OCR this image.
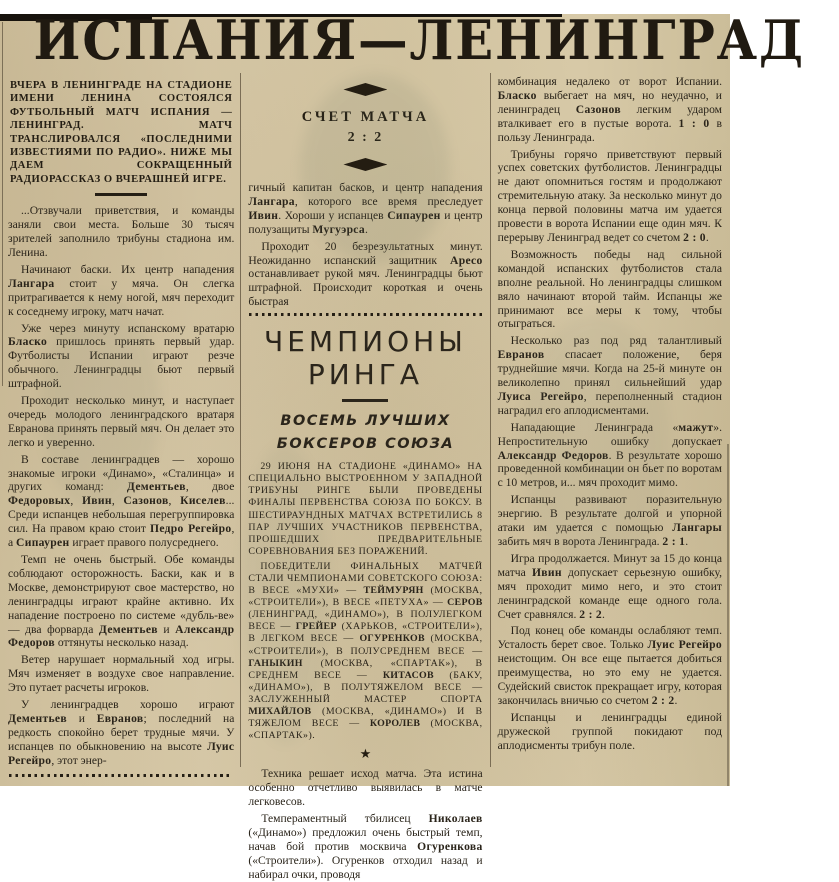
ИСПАНИЯ—ЛЕНИНГРАД
ВЧЕРА В ЛЕНИНГРАДЕ НА СТАДИОНЕ ИМЕНИ ЛЕНИНА СОСТОЯЛСЯ ФУТБОЛЬНЫЙ МАТЧ ИСПАНИЯ — ЛЕНИНГРАД. МАТЧ ТРАНСЛИРОВАЛСЯ «ПОСЛЕДНИМИ ИЗВЕСТИЯМИ ПО РАДИО». НИЖЕ МЫ ДАЕМ СОКРАЩЕННЫЙ РАДИОРАССКАЗ О ВЧЕРАШНЕЙ ИГРЕ.

...Отзвучали приветствия, и команды заняли свои места. Больше 30 тысяч зрителей заполнило трибуны стадиона им. Ленина.

Начинают баски. Их центр нападения Лангара стоит у мяча. Он слегка притрагивается к нему ногой, мяч переходит к соседнему игроку, матч начат.

Уже через минуту испанскому вратарю Бласко пришлось принять первый удар. Футболисты Испании играют резче обычного. Ленинградцы бьют первый штрафной.

Проходит несколько минут, и наступает очередь молодого ленинградского вратаря Евранова принять первый мяч. Он делает это легко и уверенно.

В составе ленинградцев — хорошо знакомые игроки «Динамо», «Сталинца» и других команд: Дементьев, двое Федоровых, Ивин, Сазонов, Киселев... Среди испанцев небольшая перегруппировка сил. На правом краю стоит Педро Регейро, а Сипаурен играет правого полусреднего.

Темп не очень быстрый. Обе команды соблюдают осторожность. Баски, как и в Москве, демонстрируют свое мастерство, но ленинградцы играют крайне активно. Их нападение построено по системе «дубль-ве» — два форварда Дементьев и Александр Федоров оттянуты несколько назад.

Ветер нарушает нормальный ход игры. Мяч изменяет в воздухе свое направление. Это путает расчеты игроков.

У ленинградцев хорошо играют Дементьев и Евранов; последний на редкость спокойно берет трудные мячи. У испанцев по обыкновению на высоте Луис Регейро, этот энер-

СЧЕТ МАТЧА
2 : 2

гичный капитан басков, и центр нападения Лангара, которого все время преследует Ивин. Хороши у испанцев Сипаурен и центр полузащиты Мугуэрса.

Проходит 20 безрезультатных минут. Неожиданно испанский защитник Аресо останавливает рукой мяч. Ленинградцы бьют штрафной. Происходит короткая и очень быстрая

ЧЕМПИОНЫ
РИНГА
ВОСЕМЬ ЛУЧШИХ
БОКСЕРОВ СОЮЗА

29 ИЮНЯ НА СТАДИОНЕ «ДИНАМО» НА СПЕЦИАЛЬНО ВЫСТРОЕННОМ У ЗАПАДНОЙ ТРИБУНЫ РИНГЕ БЫЛИ ПРОВЕДЕНЫ ФИНАЛЫ ПЕРВЕНСТВА СОЮЗА ПО БОКСУ. В ШЕСТИРАУНДНЫХ МАТЧАХ ВСТРЕТИЛИСЬ 8 ПАР ЛУЧШИХ УЧАСТНИКОВ ПЕРВЕНСТВА, ПРОШЕДШИХ ПРЕДВАРИТЕЛЬНЫЕ СОРЕВНОВАНИЯ БЕЗ ПОРАЖЕНИЙ.

ПОБЕДИТЕЛИ ФИНАЛЬНЫХ МАТЧЕЙ СТАЛИ ЧЕМПИОНАМИ СОВЕТСКОГО СОЮЗА: В ВЕСЕ «МУХИ» — ТЕЙМУРЯН (МОСКВА, «СТРОИТЕЛИ»), В ВЕСЕ «ПЕТУХА» — СЕРОВ (ЛЕНИНГРАД, «ДИНАМО»), В ПОЛУЛЕГКОМ ВЕСЕ — ГРЕЙЕР (ХАРЬКОВ, «СТРОИТЕЛИ»), В ЛЕГКОМ ВЕСЕ — ОГУРЕНКОВ (МОСКВА, «СТРОИТЕЛИ»), В ПОЛУСРЕДНЕМ ВЕСЕ — ГАНЫКИН (МОСКВА, «СПАРТАК»), В СРЕДНЕМ ВЕСЕ — КИТАСОВ (БАКУ, «ДИНАМО»), В ПОЛУТЯЖЕЛОМ ВЕСЕ — ЗАСЛУЖЕННЫЙ МАСТЕР СПОРТА МИХАЙЛОВ (МОСКВА, «ДИНАМО») И В ТЯЖЕЛОМ ВЕСЕ — КОРОЛЕВ (МОСКВА, «СПАРТАК»).

★

Техника решает исход матча. Эта истина особенно отчетливо выявилась в матче легковесов.

Темпераментный тбилисец Николаев («Динамо») предложил очень быстрый темп, начав бой против москвича Огуренкова («Строители»). Огуренков отходил назад и набирал очки, проводя

комбинация недалеко от ворот Испании. Бласко выбегает на мяч, но неудачно, и ленинградец Сазонов легким ударом вталкивает его в пустые ворота. 1 : 0 в пользу Ленинграда.

Трибуны горячо приветствуют первый успех советских футболистов. Ленинградцы не дают опомниться гостям и продолжают стремительную атаку. За несколько минут до конца первой половины матча им удается провести в ворота Испании еще один мяч. К перерыву Ленинград ведет со счетом 2 : 0.

Возможность победы над сильной командой испанских футболистов стала вполне реальной. Но ленинградцы слишком вяло начинают второй тайм. Испанцы же принимают все меры к тому, чтобы отыграться.

Несколько раз под ряд талантливый Евранов спасает положение, беря труднейшие мячи. Когда на 25-й минуте он великолепно принял сильнейший удар Луиса Регейро, переполненный стадион наградил его аплодисментами.

Нападающие Ленинграда «мажут». Непростительную ошибку допускает Александр Федоров. В результате хорошо проведенной комбинации он бьет по воротам с 10 метров, и... мяч проходит мимо.

Испанцы развивают поразительную энергию. В результате долгой и упорной атаки им удается с помощью Лангары забить мяч в ворота Ленинграда. 2 : 1.

Игра продолжается. Минут за 15 до конца матча Ивин допускает серьезную ошибку, мяч проходит мимо него, и это стоит ленинградской команде еще одного гола. Счет сравнялся. 2 : 2.

Под конец обе команды ослабляют темп. Усталость берет свое. Только Луис Регейро неистощим. Он все еще пытается добиться преимущества, но это ему не удается. Судейский свисток прекращает игру, которая закончилась вничью со счетом 2 : 2.

Испанцы и ленинградцы единой дружеской группой покидают под аплодисменты трибун поле.
